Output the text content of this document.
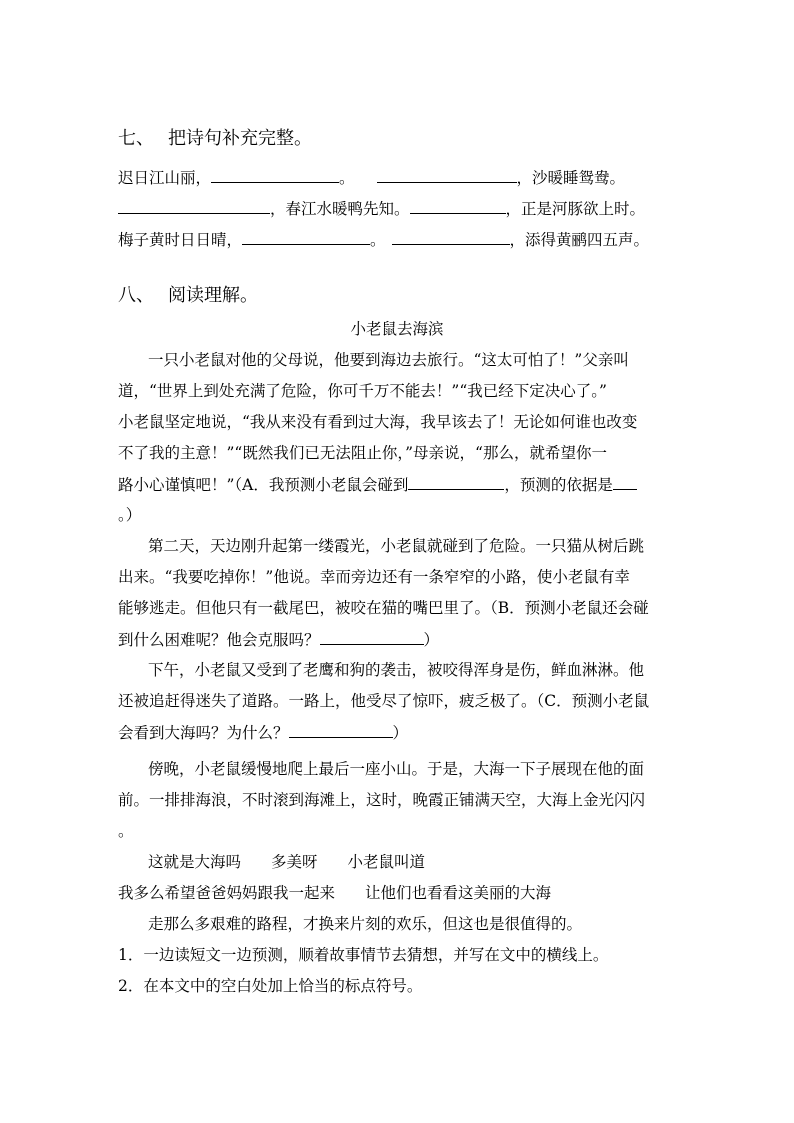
七、 把诗句补充完整。
迟日江山丽，	。	，沙暖睡鸳鸯。
，春江水暖鸭先知。	，正是河豚欲上时。
梅子黄时日日晴，	。	，添得黄鹂四五声。
八、 阅读理解。
小老鼠去海滨
一只小老鼠对他的父母说，他要到海边去旅行。“这太可怕了！”父亲叫
道，“世界上到处充满了危险，你可千万不能去！”“我已经下定决心了。”
小老鼠坚定地说，“我从来没有看到过大海，我早该去了！无论如何谁也改变
不了我的主意！”“既然我们已无法阻止你，”母亲说，“那么，就希望你一
路小心谨慎吧！”（A．我预测小老鼠会碰到	，预测的依据是
。）
第二天，天边刚升起第一缕霞光，小老鼠就碰到了危险。一只猫从树后跳
出来。“我要吃掉你！”他说。幸而旁边还有一条窄窄的小路，使小老鼠有幸
能够逃走。但他只有一截尾巴，被咬在猫的嘴巴里了。（B．预测小老鼠还会碰
到什么困难呢？他会克服吗？	）
下午，小老鼠又受到了老鹰和狗的袭击，被咬得浑身是伤，鲜血淋淋。他
还被追赶得迷失了道路。一路上，他受尽了惊吓，疲乏极了。（C．预测小老鼠
会看到大海吗？为什么？	）
傍晚，小老鼠缓慢地爬上最后一座小山。于是，大海一下子展现在他的面
前。一排排海浪，不时滚到海滩上，这时，晚霞正铺满天空，大海上金光闪闪
。
这就是大海吗 多美呀 小老鼠叫道
我多么希望爸爸妈妈跟我一起来 让他们也看看这美丽的大海
走那么多艰难的路程，才换来片刻的欢乐，但这也是很值得的。
1．一边读短文一边预测，顺着故事情节去猜想，并写在文中的横线上。
2．在本文中的空白处加上恰当的标点符号。
